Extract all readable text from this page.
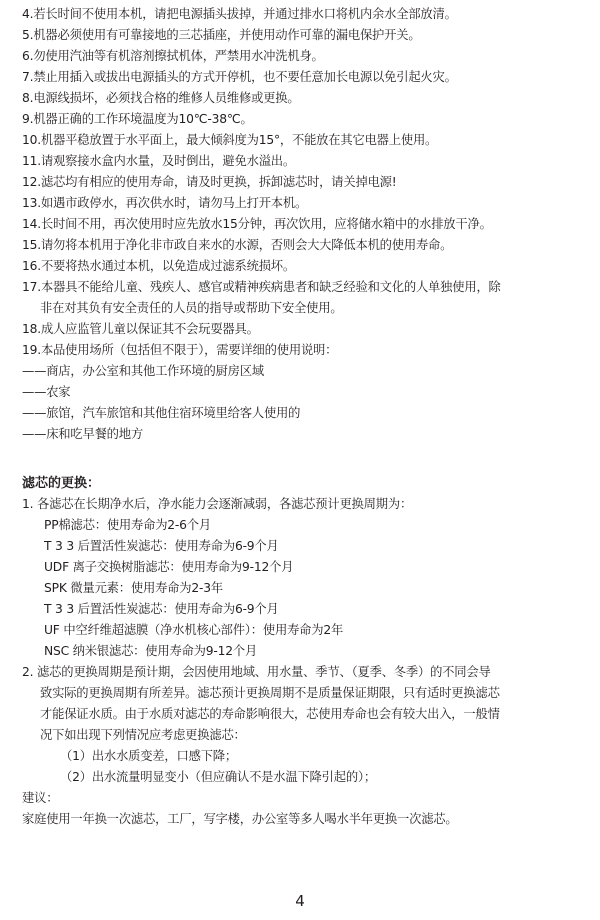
4.若长时间不使用本机，请把电源插头拔掉，并通过排水口将机内余水全部放清。
5.机器必须使用有可靠接地的三芯插座，并使用动作可靠的漏电保护开关。
6.勿使用汽油等有机溶剂擦拭机体，严禁用水冲洗机身。
7.禁止用插入或拔出电源插头的方式开停机，也不要任意加长电源以免引起火灾。
8.电源线损坏，必须找合格的维修人员维修或更换。
9.机器正确的工作环境温度为10℃-38℃。
10.机器平稳放置于水平面上，最大倾斜度为15°，不能放在其它电器上使用。
11.请观察接水盒内水量，及时倒出，避免水溢出。
12.滤芯均有相应的使用寿命，请及时更换，拆卸滤芯时，请关掉电源!
13.如遇市政停水，再次供水时，请勿马上打开本机。
14.长时间不用，再次使用时应先放水15分钟，再次饮用，应将储水箱中的水排放干净。
15.请勿将本机用于净化非市政自来水的水源，否则会大大降低本机的使用寿命。
16.不要将热水通过本机，以免造成过滤系统损坏。
17.本器具不能给儿童、残疾人、感官或精神疾病患者和缺乏经验和文化的人单独使用，除
非在对其负有安全责任的人员的指导或帮助下安全使用。
18.成人应监管儿童以保证其不会玩耍器具。
19.本品使用场所（包括但不限于），需要详细的使用说明：
——商店，办公室和其他工作环境的厨房区域
——农家
——旅馆，汽车旅馆和其他住宿环境里给客人使用的
——床和吃早餐的地方
滤芯的更换：
1. 各滤芯在长期净水后，净水能力会逐渐减弱，各滤芯预计更换周期为：
PP棉滤芯：使用寿命为2-6个月
T 3 3 后置活性炭滤芯：使用寿命为6-9个月
UDF 离子交换树脂滤芯：使用寿命为9-12个月
SPK 微量元素：使用寿命为2-3年
T 3 3 后置活性炭滤芯：使用寿命为6-9个月
UF 中空纤维超滤膜（净水机核心部件）：使用寿命为2年
NSC 纳米银滤芯：使用寿命为9-12个月
2. 滤芯的更换周期是预计期，会因使用地域、用水量、季节、（夏季、冬季）的不同会导
致实际的更换周期有所差异。滤芯预计更换周期不是质量保证期限，只有适时更换滤芯
才能保证水质。由于水质对滤芯的寿命影响很大，芯使用寿命也会有较大出入，一般情
况下如出现下列情况应考虑更换滤芯：
（1）出水水质变差，口感下降；
（2）出水流量明显变小（但应确认不是水温下降引起的）；
建议：
家庭使用一年换一次滤芯，工厂，写字楼，办公室等多人喝水半年更换一次滤芯。
4
